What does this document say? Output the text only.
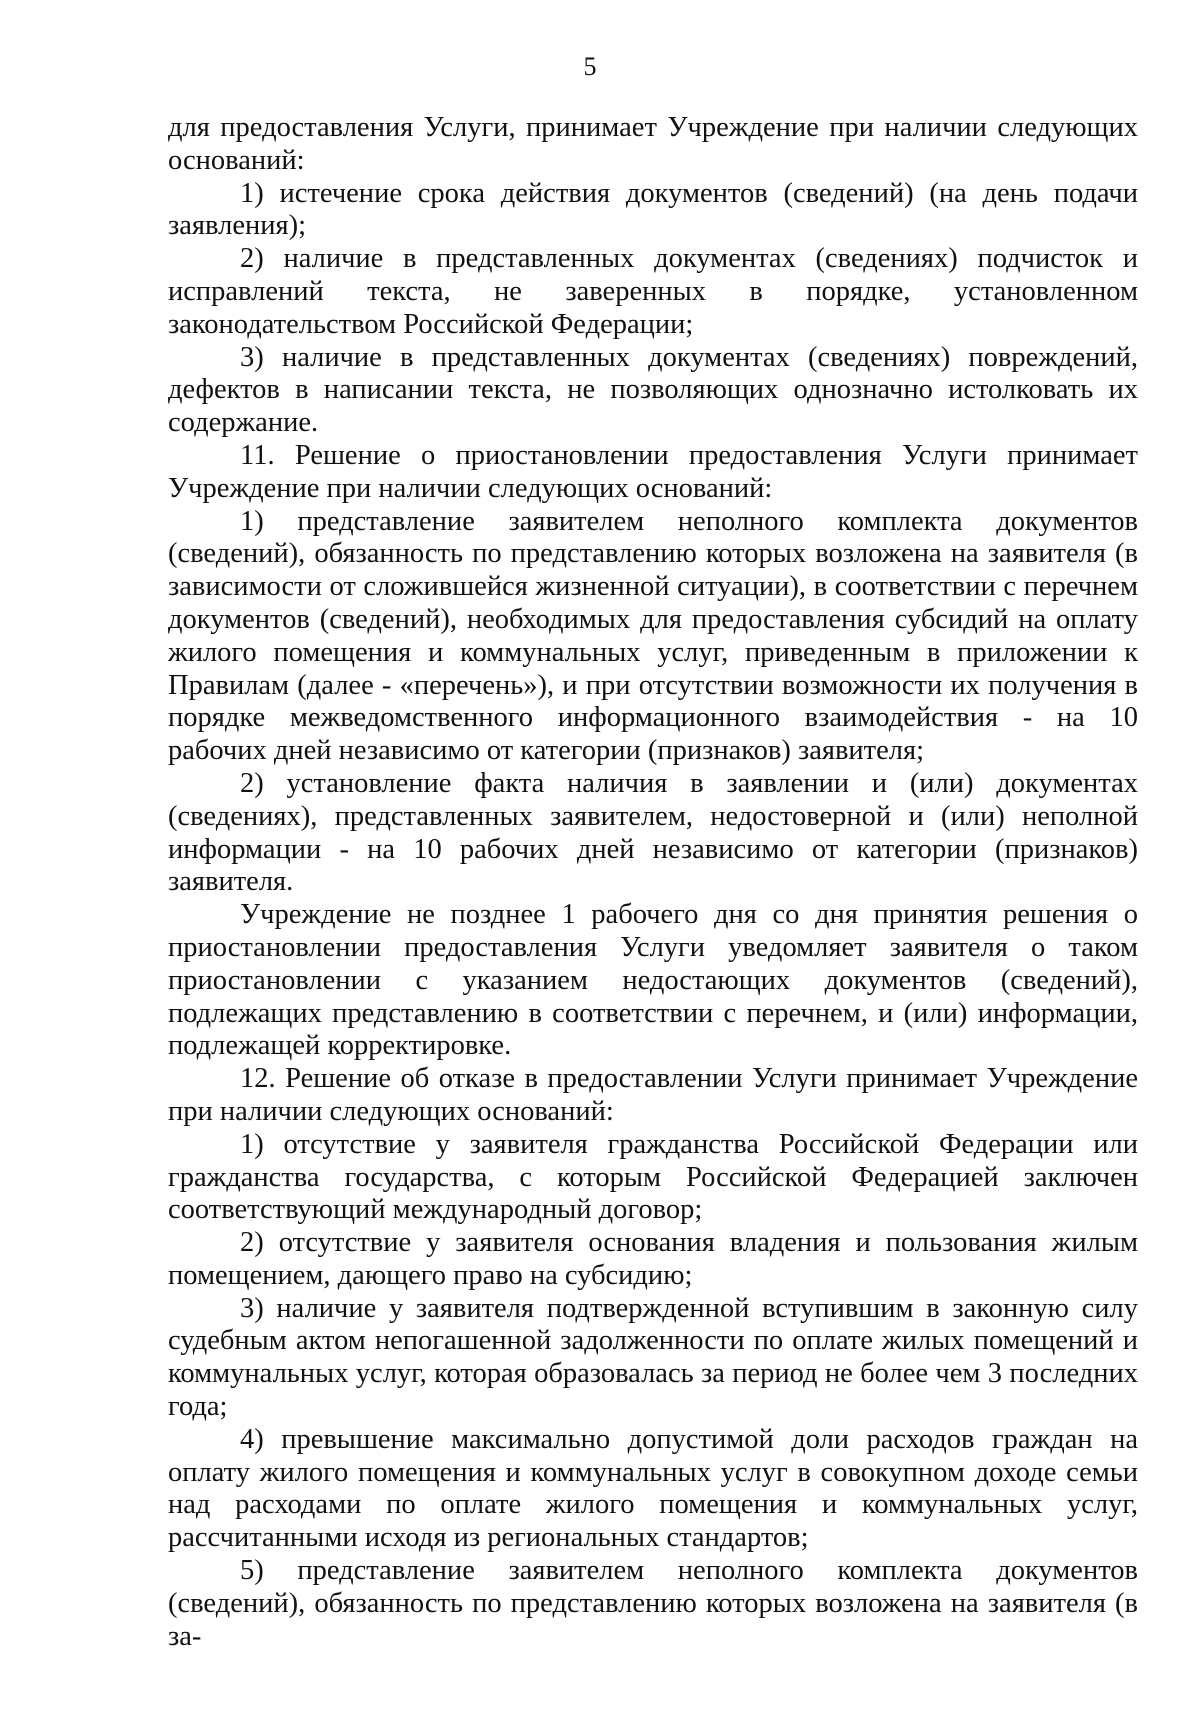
5

для предоставления Услуги, принимает Учреждение при наличии следующих оснований:

1) истечение срока действия документов (сведений) (на день подачи заявления);

2) наличие в представленных документах (сведениях) подчисток и исправлений текста, не заверенных в порядке, установленном законодательством Российской Федерации;

3) наличие в представленных документах (сведениях) повреждений, дефектов в написании текста, не позволяющих однозначно истолковать их содержание.

11. Решение о приостановлении предоставления Услуги принимает Учреждение при наличии следующих оснований:

1) представление заявителем неполного комплекта документов (сведений), обязанность по представлению которых возложена на заявителя (в зависимости от сложившейся жизненной ситуации), в соответствии с перечнем документов (сведений), необходимых для предоставления субсидий на оплату жилого помещения и коммунальных услуг, приведенным в приложении к Правилам (далее - «перечень»), и при отсутствии возможности их получения в порядке межведомственного информационного взаимодействия - на 10 рабочих дней независимо от категории (признаков) заявителя;

2) установление факта наличия в заявлении и (или) документах (сведениях), представленных заявителем, недостоверной и (или) неполной информации - на 10 рабочих дней независимо от категории (признаков) заявителя.

Учреждение не позднее 1 рабочего дня со дня принятия решения о приостановлении предоставления Услуги уведомляет заявителя о таком приостановлении с указанием недостающих документов (сведений), подлежащих представлению в соответствии с перечнем, и (или) информации, подлежащей корректировке.

12. Решение об отказе в предоставлении Услуги принимает Учреждение при наличии следующих оснований:

1) отсутствие у заявителя гражданства Российской Федерации или гражданства государства, с которым Российской Федерацией заключен соответствующий международный договор;

2) отсутствие у заявителя основания владения и пользования жилым помещением, дающего право на субсидию;

3) наличие у заявителя подтвержденной вступившим в законную силу судебным актом непогашенной задолженности по оплате жилых помещений и коммунальных услуг, которая образовалась за период не более чем 3 последних года;

4) превышение максимально допустимой доли расходов граждан на оплату жилого помещения и коммунальных услуг в совокупном доходе семьи над расходами по оплате жилого помещения и коммунальных услуг, рассчитанными исходя из региональных стандартов;

5) представление заявителем неполного комплекта документов (сведений), обязанность по представлению которых возложена на заявителя (в за-
